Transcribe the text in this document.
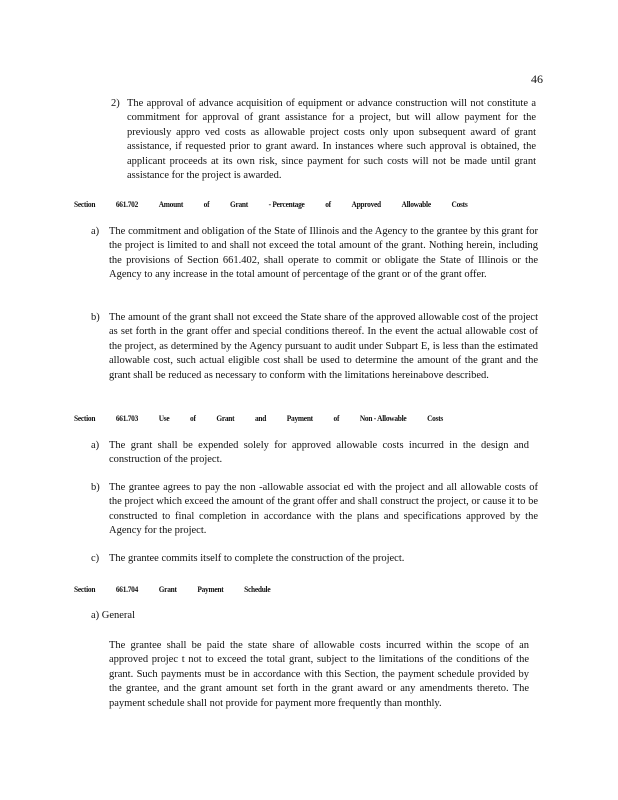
46
2) The approval of advance acquisition of equipment or advance construction will not constitute a commitment for approval of grant assistance for a project, but will allow payment for the previously appro ved costs as allowable project costs only upon subsequent award of grant assistance, if requested prior to grant award. In instances where such approval is obtained, the applicant proceeds at its own risk, since payment for such costs will not be made until grant assistance for the project is awarded.
Section 661.702 Amount of Grant - Percentage of Approved Allowable Costs
a) The commitment and obligation of the State of Illinois and the Agency to the grantee by this grant for the project is limited to and shall not exceed the total amount of the grant. Nothing herein, including the provisions of Section 661.402, shall operate to commit or obligate the State of Illinois or the Agency to any increase in the total amount of percentage of the grant or of the grant offer.
b) The amount of the grant shall not exceed the State share of the approved allowable cost of the project as set forth in the grant offer and special conditions thereof. In the event the actual allowable cost of the project, as determined by the Agency pursuant to audit under Subpart E, is less than the estimated allowable cost, such actual eligible cost shall be used to determine the amount of the grant and the grant shall be reduced as necessary to conform with the limitations hereinabove described.
Section 661.703 Use of Grant and Payment of Non - Allowable Costs
a) The grant shall be expended solely for approved allowable costs incurred in the design and construction of the project.
b) The grantee agrees to pay the non -allowable associat ed with the project and all allowable costs of the project which exceed the amount of the grant offer and shall construct the project, or cause it to be constructed to final completion in accordance with the plans and specifications approved by the Agency for the project.
c) The grantee commits itself to complete the construction of the project.
Section 661.704 Grant Payment Schedule
a) General
The grantee shall be paid the state share of allowable costs incurred within the scope of an approved projec t not to exceed the total grant, subject to the limitations of the conditions of the grant. Such payments must be in accordance with this Section, the payment schedule provided by the grantee, and the grant amount set forth in the grant award or any amendments thereto. The payment schedule shall not provide for payment more frequently than monthly.
